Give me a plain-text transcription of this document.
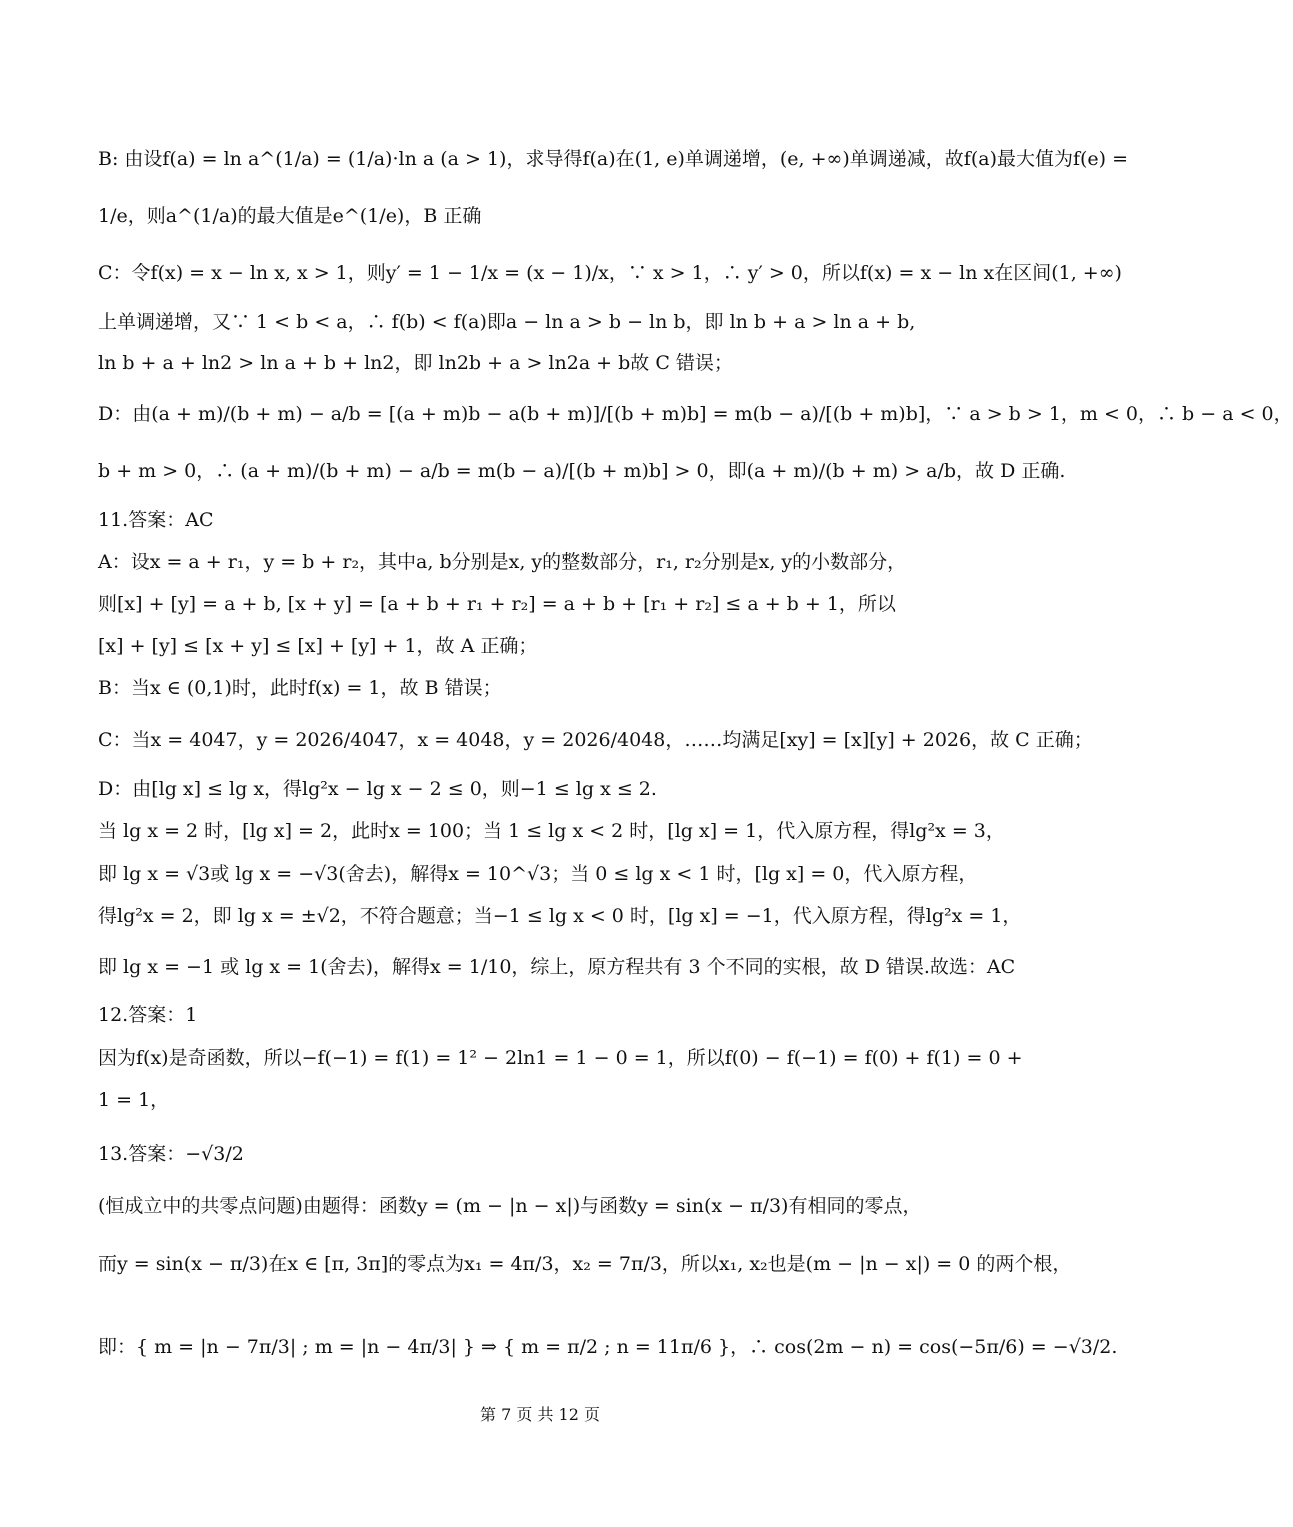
B: 由设f(a) = ln a^(1/a) = (1/a)·ln a (a > 1)，求导得f(a)在(1, e)单调递增，(e, +∞)单调递减，故f(a)最大值为f(e) =
1/e，则a^(1/a)的最大值是e^(1/e)，B 正确
C：令f(x) = x − ln x, x > 1，则y′ = 1 − 1/x = (x − 1)/x，∵ x > 1，∴ y′ > 0，所以f(x) = x − ln x在区间(1, +∞)
上单调递增，又∵ 1 < b < a，∴ f(b) < f(a)即a − ln a > b − ln b，即 ln b + a > ln a + b,
ln b + a + ln2 > ln a + b + ln2，即 ln2b + a > ln2a + b故 C 错误；
D：由(a + m)/(b + m) − a/b = [(a + m)b − a(b + m)]/[(b + m)b] = m(b − a)/[(b + m)b]，∵ a > b > 1，m < 0，∴ b − a < 0，
b + m > 0，∴ (a + m)/(b + m) − a/b = m(b − a)/[(b + m)b] > 0，即(a + m)/(b + m) > a/b，故 D 正确.
11.答案：AC
A：设x = a + r₁，y = b + r₂，其中a, b分别是x, y的整数部分，r₁, r₂分别是x, y的小数部分，
则[x] + [y] = a + b, [x + y] = [a + b + r₁ + r₂] = a + b + [r₁ + r₂] ≤ a + b + 1，所以
[x] + [y] ≤ [x + y] ≤ [x] + [y] + 1，故 A 正确；
B：当x ∈ (0,1)时，此时f(x) = 1，故 B 错误；
C：当x = 4047，y = 2026/4047，x = 4048，y = 2026/4048，……均满足[xy] = [x][y] + 2026，故 C 正确；
D：由[lg x] ≤ lg x，得lg²x − lg x − 2 ≤ 0，则−1 ≤ lg x ≤ 2.
当 lg x = 2 时，[lg x] = 2，此时x = 100；当 1 ≤ lg x < 2 时，[lg x] = 1，代入原方程，得lg²x = 3，
即 lg x = √3或 lg x = −√3(舍去)，解得x = 10^√3；当 0 ≤ lg x < 1 时，[lg x] = 0，代入原方程，
得lg²x = 2，即 lg x = ±√2，不符合题意；当−1 ≤ lg x < 0 时，[lg x] = −1，代入原方程，得lg²x = 1，
即 lg x = −1 或 lg x = 1(舍去)，解得x = 1/10，综上，原方程共有 3 个不同的实根，故 D 错误.故选：AC
12.答案：1
因为f(x)是奇函数，所以−f(−1) = f(1) = 1² − 2ln1 = 1 − 0 = 1，所以f(0) − f(−1) = f(0) + f(1) = 0 +
1 = 1，
13.答案：−√3/2
(恒成立中的共零点问题)由题得：函数y = (m − |n − x|)与函数y = sin(x − π/3)有相同的零点，
而y = sin(x − π/3)在x ∈ [π, 3π]的零点为x₁ = 4π/3，x₂ = 7π/3，所以x₁, x₂也是(m − |n − x|) = 0 的两个根，
即：{ m = |n − 7π/3| ; m = |n − 4π/3| } ⇒ { m = π/2 ; n = 11π/6 }，∴ cos(2m − n) = cos(−5π/6) = −√3/2.
第 7 页 共 12 页
